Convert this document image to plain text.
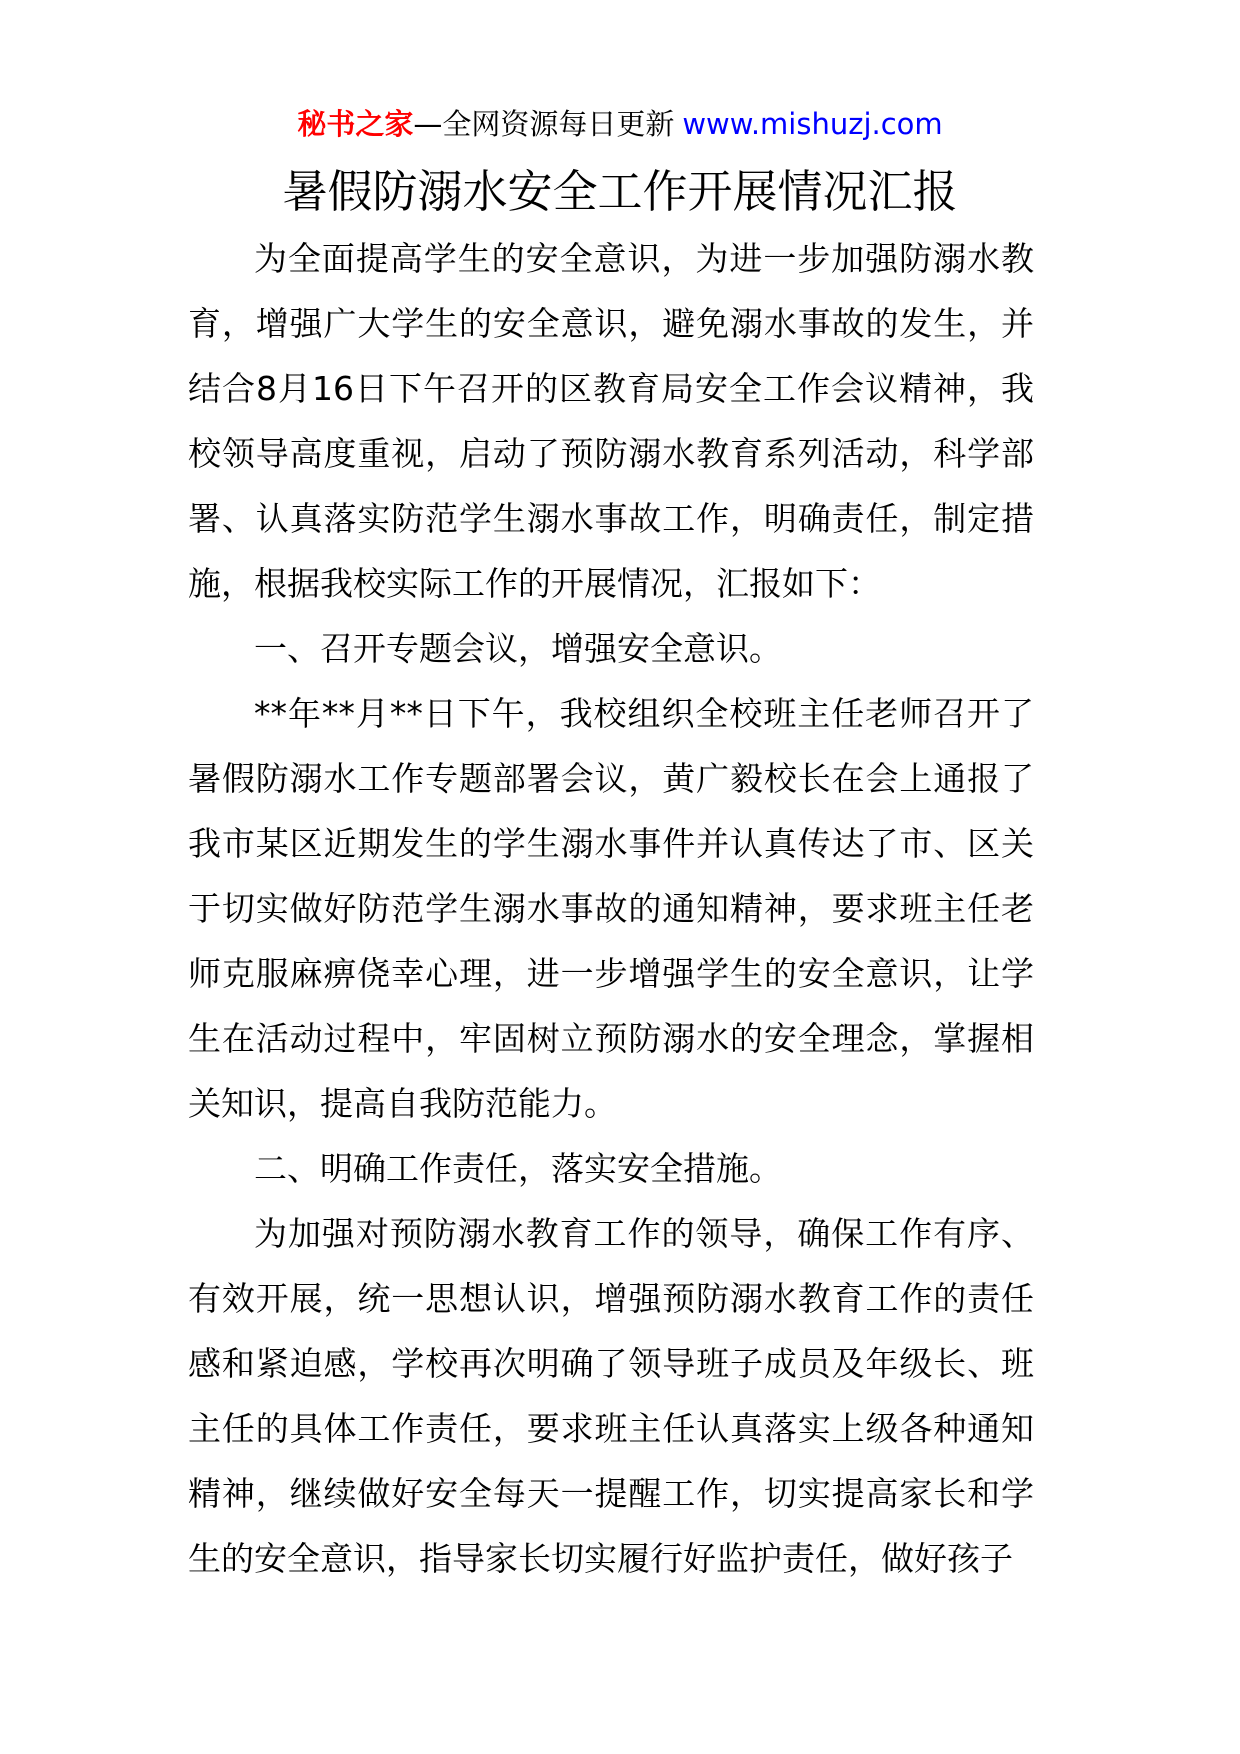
秘书之家—全网资源每日更新 www.mishuzj.com
暑假防溺水安全工作开展情况汇报

为全面提高学生的安全意识，为进一步加强防溺水教育，增强广大学生的安全意识，避免溺水事故的发生，并结合8月16日下午召开的区教育局安全工作会议精神，我校领导高度重视，启动了预防溺水教育系列活动，科学部署、认真落实防范学生溺水事故工作，明确责任，制定措施，根据我校实际工作的开展情况，汇报如下：

一、召开专题会议，增强安全意识。

**年**月**日下午，我校组织全校班主任老师召开了暑假防溺水工作专题部署会议，黄广毅校长在会上通报了我市某区近期发生的学生溺水事件并认真传达了市、区关于切实做好防范学生溺水事故的通知精神，要求班主任老师克服麻痹侥幸心理，进一步增强学生的安全意识，让学生在活动过程中，牢固树立预防溺水的安全理念，掌握相关知识，提高自我防范能力。

二、明确工作责任，落实安全措施。

为加强对预防溺水教育工作的领导，确保工作有序、有效开展，统一思想认识，增强预防溺水教育工作的责任感和紧迫感，学校再次明确了领导班子成员及年级长、班主任的具体工作责任，要求班主任认真落实上级各种通知精神，继续做好安全每天一提醒工作，切实提高家长和学生的安全意识，指导家长切实履行好监护责任，做好孩子
